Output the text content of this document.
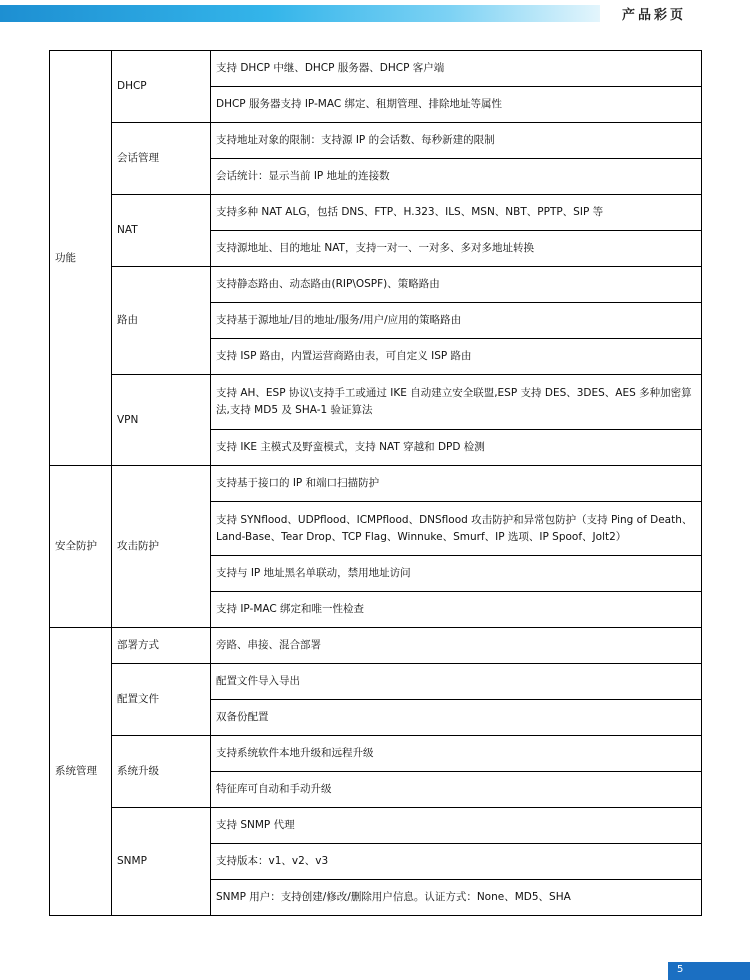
产品彩页
功能	DHCP	支持 DHCP 中继、DHCP 服务器、DHCP 客户端
		DHCP 服务器支持 IP-MAC 绑定、租期管理、排除地址等属性
	会话管理	支持地址对象的限制：支持源 IP 的会话数、每秒新建的限制
		会话统计：显示当前 IP 地址的连接数
	NAT	支持多种 NAT ALG，包括 DNS、FTP、H.323、ILS、MSN、NBT、PPTP、SIP 等
		支持源地址、目的地址 NAT，支持一对一、一对多、多对多地址转换
	路由	支持静态路由、动态路由(RIP\OSPF)、策略路由
		支持基于源地址/目的地址/服务/用户/应用的策略路由
		支持 ISP 路由，内置运营商路由表，可自定义 ISP 路由
	VPN	支持 AH、ESP 协议\支持手工或通过 IKE 自动建立安全联盟,ESP 支持 DES、3DES、AES 多种加密算法,支持 MD5 及 SHA-1 验证算法
		支持 IKE 主模式及野蛮模式，支持 NAT 穿越和 DPD 检测
安全防护	攻击防护	支持基于接口的 IP 和端口扫描防护
		支持 SYNflood、UDPflood、ICMPflood、DNSflood 攻击防护和异常包防护（支持 Ping of Death、Land-Base、Tear Drop、TCP Flag、Winnuke、Smurf、IP 选项、IP Spoof、Jolt2）
		支持与 IP 地址黑名单联动，禁用地址访问
		支持 IP-MAC 绑定和唯一性检查
系统管理	部署方式	旁路、串接、混合部署
	配置文件	配置文件导入导出
		双备份配置
	系统升级	支持系统软件本地升级和远程升级
		特征库可自动和手动升级
	SNMP	支持 SNMP 代理
		支持版本：v1、v2、v3
		SNMP 用户：支持创建/修改/删除用户信息。认证方式：None、MD5、SHA
5
